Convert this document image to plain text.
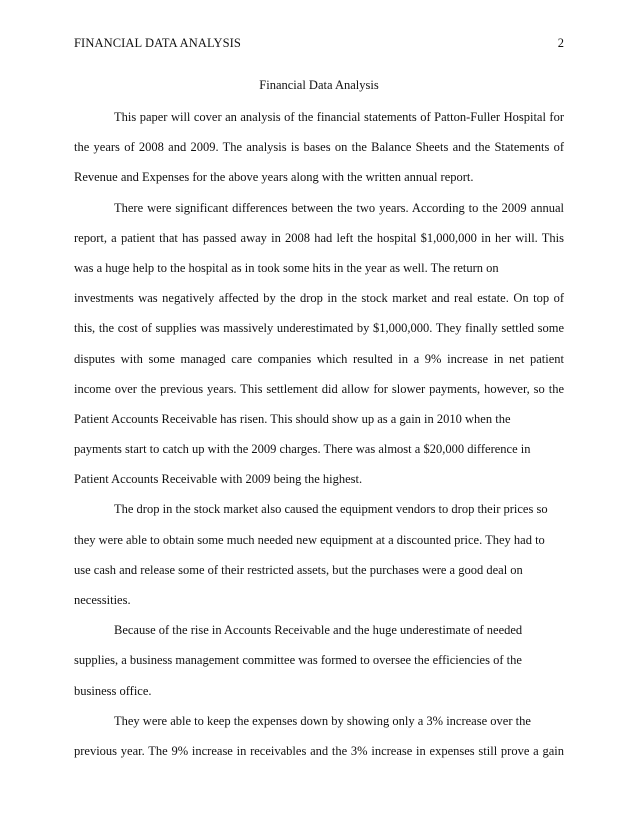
FINANCIAL DATA ANALYSIS	2
Financial Data Analysis
This paper will cover an analysis of the financial statements of Patton-Fuller Hospital for
the years of 2008 and 2009. The analysis is bases on the Balance Sheets and the Statements of
Revenue and Expenses for the above years along with the written annual report.
There were significant differences between the two years. According to the 2009 annual
report, a patient that has passed away in 2008 had left the hospital $1,000,000 in her will. This
was a huge help to the hospital as in took some hits in the year as well. The return on
investments was negatively affected by the drop in the stock market and real estate. On top of
this, the cost of supplies was massively underestimated by $1,000,000. They finally settled some
disputes with some managed care companies which resulted in a 9% increase in net patient
income over the previous years. This settlement did allow for slower payments, however, so the
Patient Accounts Receivable has risen. This should show up as a gain in 2010 when the
payments start to catch up with the 2009 charges. There was almost a $20,000 difference in
Patient Accounts Receivable with 2009 being the highest.
The drop in the stock market also caused the equipment vendors to drop their prices so
they were able to obtain some much needed new equipment at a discounted price. They had to
use cash and release some of their restricted assets, but the purchases were a good deal on
necessities.
Because of the rise in Accounts Receivable and the huge underestimate of needed
supplies, a business management committee was formed to oversee the efficiencies of the
business office.
They were able to keep the expenses down by showing only a 3% increase over the
previous year. The 9% increase in receivables and the 3% increase in expenses still prove a gain
